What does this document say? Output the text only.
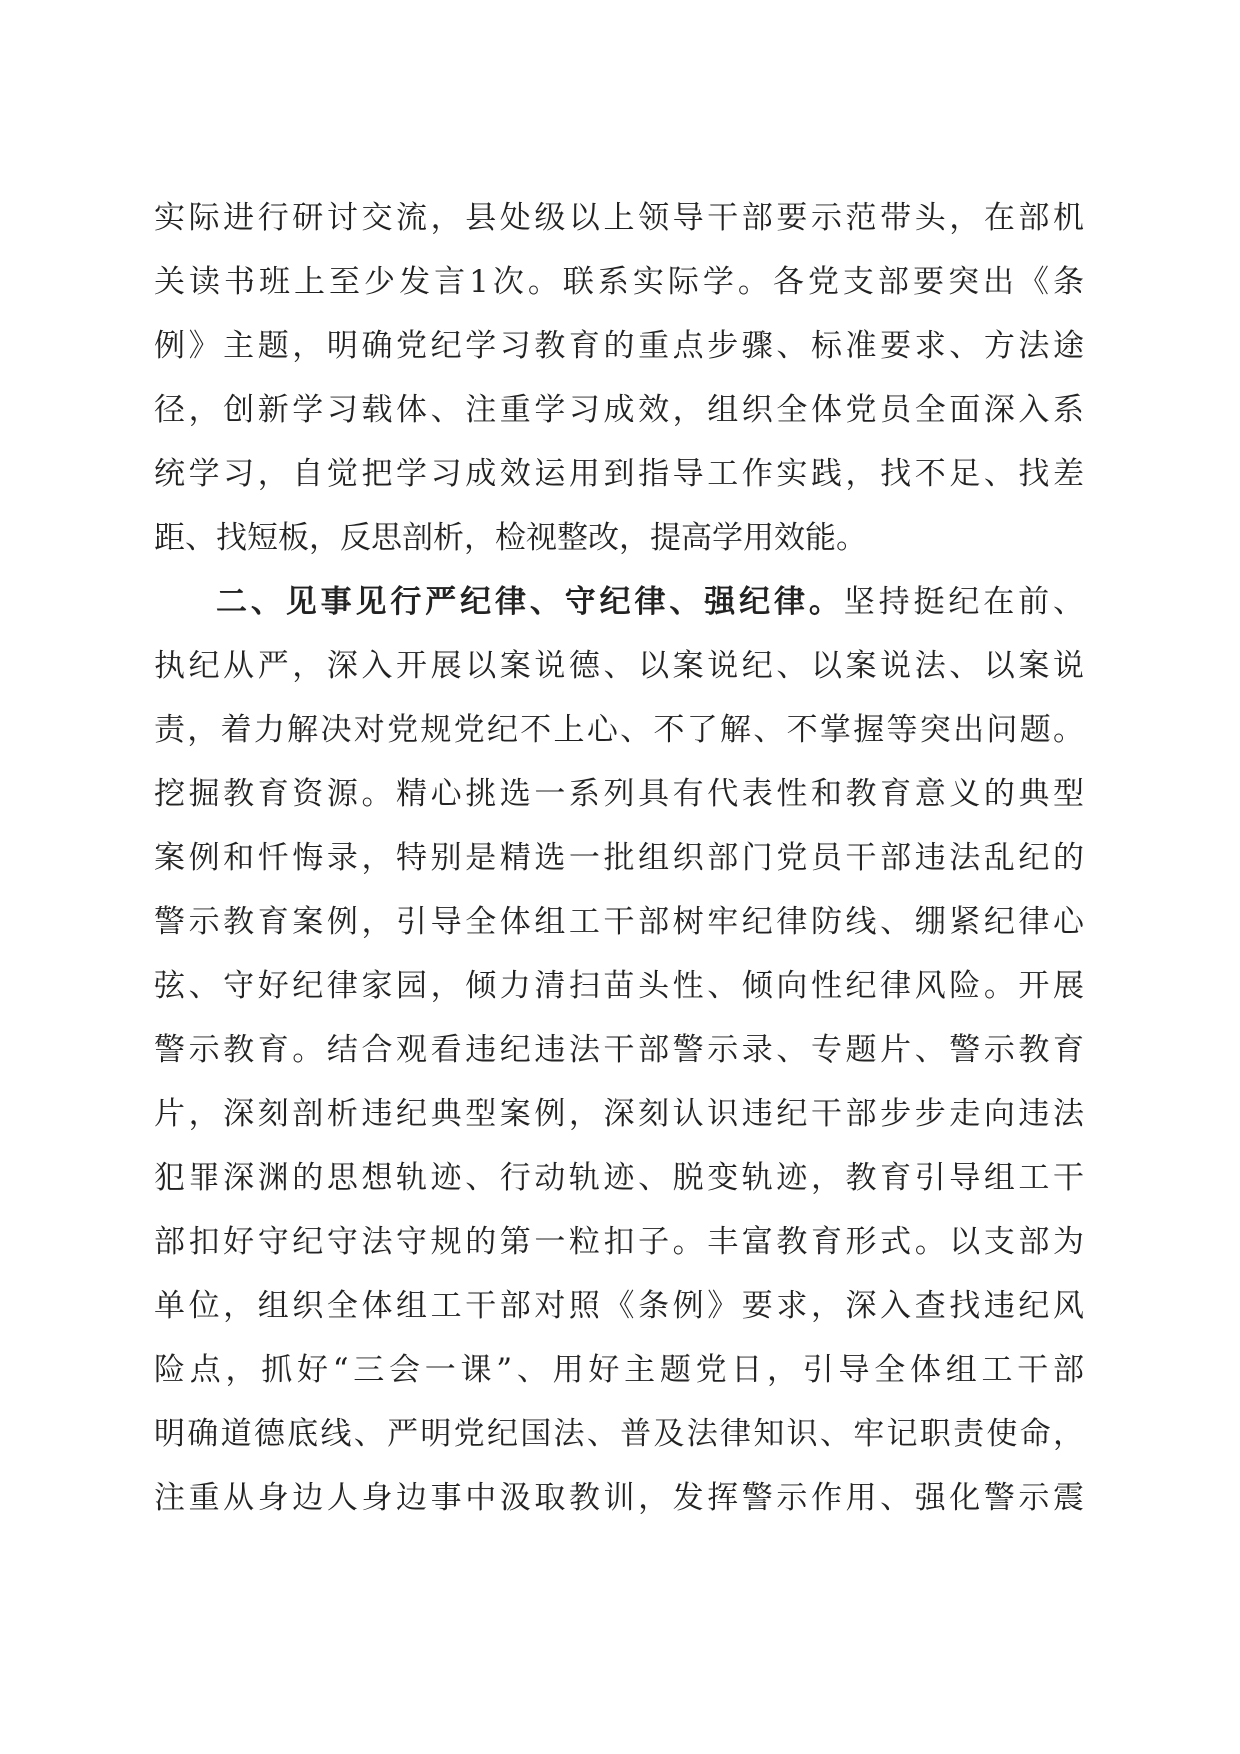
实际进行研讨交流，县处级以上领导干部要示范带头，在部机
关读书班上至少发言1次。联系实际学。各党支部要突出《条
例》主题，明确党纪学习教育的重点步骤、标准要求、方法途
径，创新学习载体、注重学习成效，组织全体党员全面深入系
统学习，自觉把学习成效运用到指导工作实践，找不足、找差
距、找短板，反思剖析，检视整改，提高学用效能。
二、见事见行严纪律、守纪律、强纪律。坚持挺纪在前、
执纪从严，深入开展以案说德、以案说纪、以案说法、以案说
责，着力解决对党规党纪不上心、不了解、不掌握等突出问题。
挖掘教育资源。精心挑选一系列具有代表性和教育意义的典型
案例和忏悔录，特别是精选一批组织部门党员干部违法乱纪的
警示教育案例，引导全体组工干部树牢纪律防线、绷紧纪律心
弦、守好纪律家园，倾力清扫苗头性、倾向性纪律风险。开展
警示教育。结合观看违纪违法干部警示录、专题片、警示教育
片，深刻剖析违纪典型案例，深刻认识违纪干部步步走向违法
犯罪深渊的思想轨迹、行动轨迹、脱变轨迹，教育引导组工干
部扣好守纪守法守规的第一粒扣子。丰富教育形式。以支部为
单位，组织全体组工干部对照《条例》要求，深入查找违纪风
险点，抓好“三会一课”、用好主题党日，引导全体组工干部
明确道德底线、严明党纪国法、普及法律知识、牢记职责使命，
注重从身边人身边事中汲取教训，发挥警示作用、强化警示震
